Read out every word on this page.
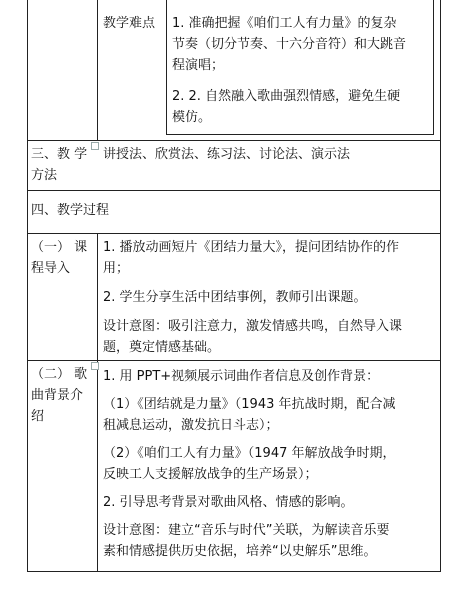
教学难点 1. 准确把握《咱们工人有力量》的复杂
节奏（切分节奏、十六分音符）和大跳音
程演唱；
2. 2. 自然融入歌曲强烈情感，避免生硬
模仿。
三、教 学
方法
讲授法、欣赏法、练习法、讨论法、演示法
四、教学过程
（一） 课
程导入
1. 播放动画短片《团结力量大》，提问团结协作的作
用；
2. 学生分享生活中团结事例，教师引出课题。
设计意图：吸引注意力，激发情感共鸣，自然导入课
题，奠定情感基础。
（二） 歌
曲背景介
绍
1. 用 PPT+视频展示词曲作者信息及创作背景：
（1）《团结就是力量》（1943 年抗战时期，配合减
租减息运动，激发抗日斗志）；
（2）《咱们工人有力量》（1947 年解放战争时期，
反映工人支援解放战争的生产场景）；
2. 引导思考背景对歌曲风格、情感的影响。
设计意图：建立“音乐与时代”关联，为解读音乐要
素和情感提供历史依据，培养“以史解乐”思维。
